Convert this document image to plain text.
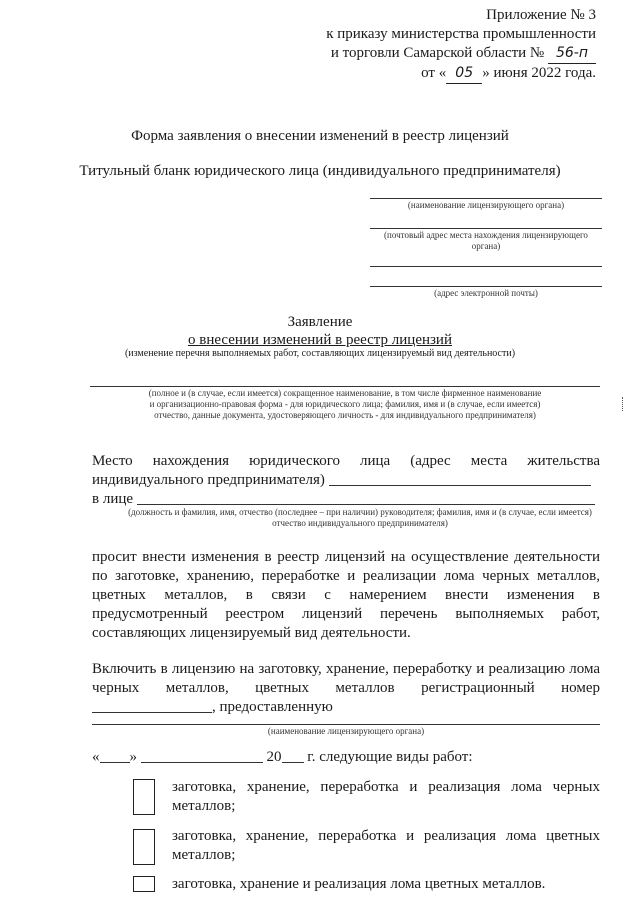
Приложение № 3
к приказу министерства промышленности
и торговли Самарской области № 56-п
от « 05 » июня 2022 года.
Форма заявления о внесении изменений в реестр лицензий
Титульный бланк юридического лица (индивидуального предпринимателя)
(наименование лицензирующего органа)
(почтовый адрес места нахождения лицензирующего органа)
(адрес электронной почты)
Заявление
о внесении изменений в реестр лицензий
(изменение перечня выполняемых работ, составляющих лицензируемый вид деятельности)
(полное и (в случае, если имеется) сокращенное наименование, в том числе фирменное наименование
и организационно-правовая форма - для юридического лица; фамилия, имя и (в случае, если имеется)
отчество, данные документа, удостоверяющего личность - для индивидуального предпринимателя)
Место нахождения юридического лица (адрес места жительства
индивидуального предпринимателя)
в лице
(должность и фамилия, имя, отчество (последнее – при наличии) руководителя; фамилия, имя и (в случае, если имеется)
отчество индивидуального предпринимателя)
просит внести изменения в реестр лицензий на осуществление деятельности
по заготовке, хранению, переработке и реализации лома черных металлов,
цветных металлов, в связи с намерением внести изменения в
предусмотренный реестром лицензий перечень выполняемых работ,
составляющих лицензируемый вид деятельности.
Включить в лицензию на заготовку, хранение, переработку и реализацию лома
черных металлов, цветных металлов регистрационный номер
, предоставленную
(наименование лицензирующего органа)
« »	20 г. следующие виды работ:
заготовка, хранение, переработка и реализация лома черных
металлов;
заготовка, хранение, переработка и реализация лома цветных
металлов;
заготовка, хранение и реализация лома цветных металлов.
